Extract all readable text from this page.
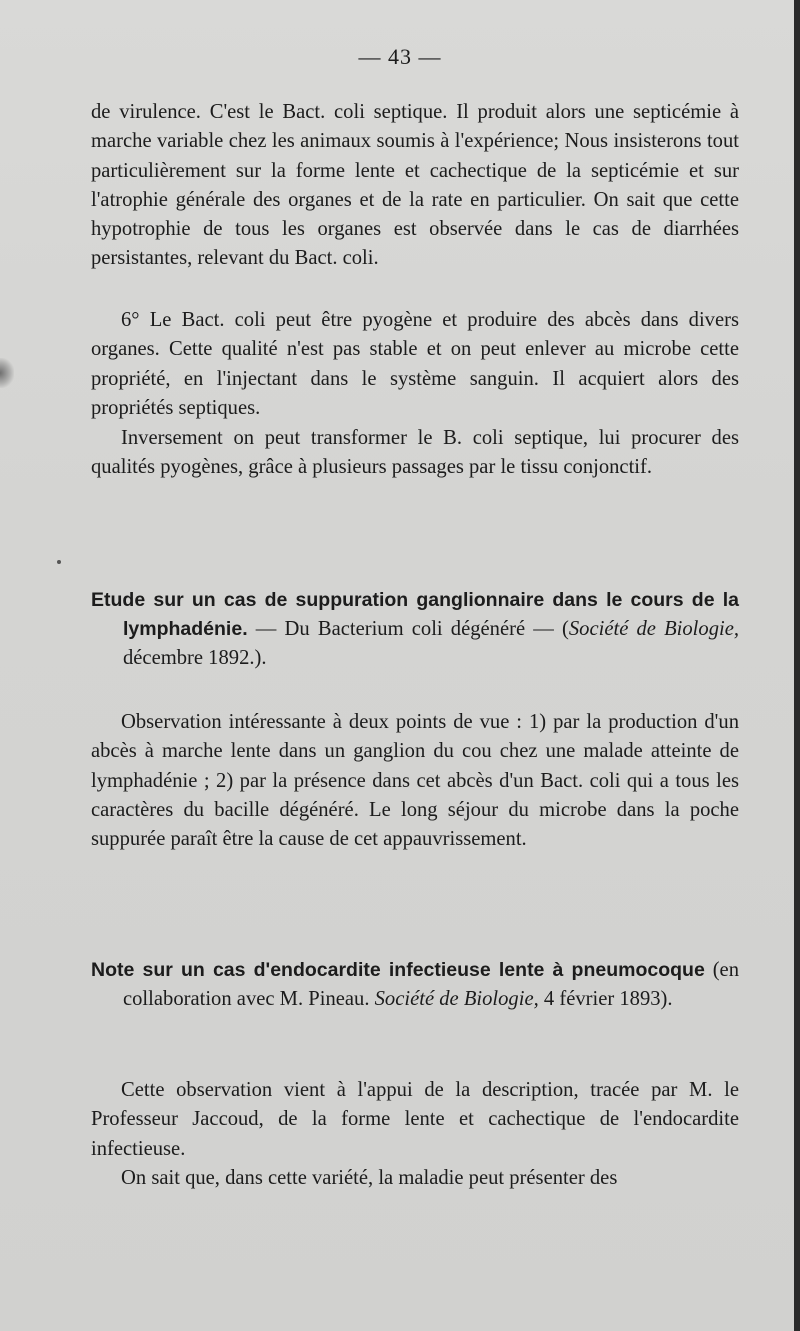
— 43 —

de virulence. C'est le Bact. coli septique. Il produit alors une septicémie à marche variable chez les animaux soumis à l'expérience; Nous insisterons tout particulièrement sur la forme lente et cachectique de la septicémie et sur l'atrophie générale des organes et de la rate en particulier. On sait que cette hypotrophie de tous les organes est observée dans le cas de diarrhées persistantes, relevant du Bact. coli.

6° Le Bact. coli peut être pyogène et produire des abcès dans divers organes. Cette qualité n'est pas stable et on peut enlever au microbe cette propriété, en l'injectant dans le système sanguin. Il acquiert alors des propriétés septiques.

Inversement on peut transformer le B. coli septique, lui procurer des qualités pyogènes, grâce à plusieurs passages par le tissu conjonctif.

Etude sur un cas de suppuration ganglionnaire dans le cours de la lymphadénie. — Du Bacterium coli dégénéré — (Société de Biologie, décembre 1892.).

Observation intéressante à deux points de vue : 1) par la production d'un abcès à marche lente dans un ganglion du cou chez une malade atteinte de lymphadénie ; 2) par la présence dans cet abcès d'un Bact. coli qui a tous les caractères du bacille dégénéré. Le long séjour du microbe dans la poche suppurée paraît être la cause de cet appauvrissement.

Note sur un cas d'endocardite infectieuse lente à pneumocoque (en collaboration avec M. Pineau. Société de Biologie, 4 février 1893).

Cette observation vient à l'appui de la description, tracée par M. le Professeur Jaccoud, de la forme lente et cachectique de l'endocardite infectieuse.

On sait que, dans cette variété, la maladie peut présenter des
